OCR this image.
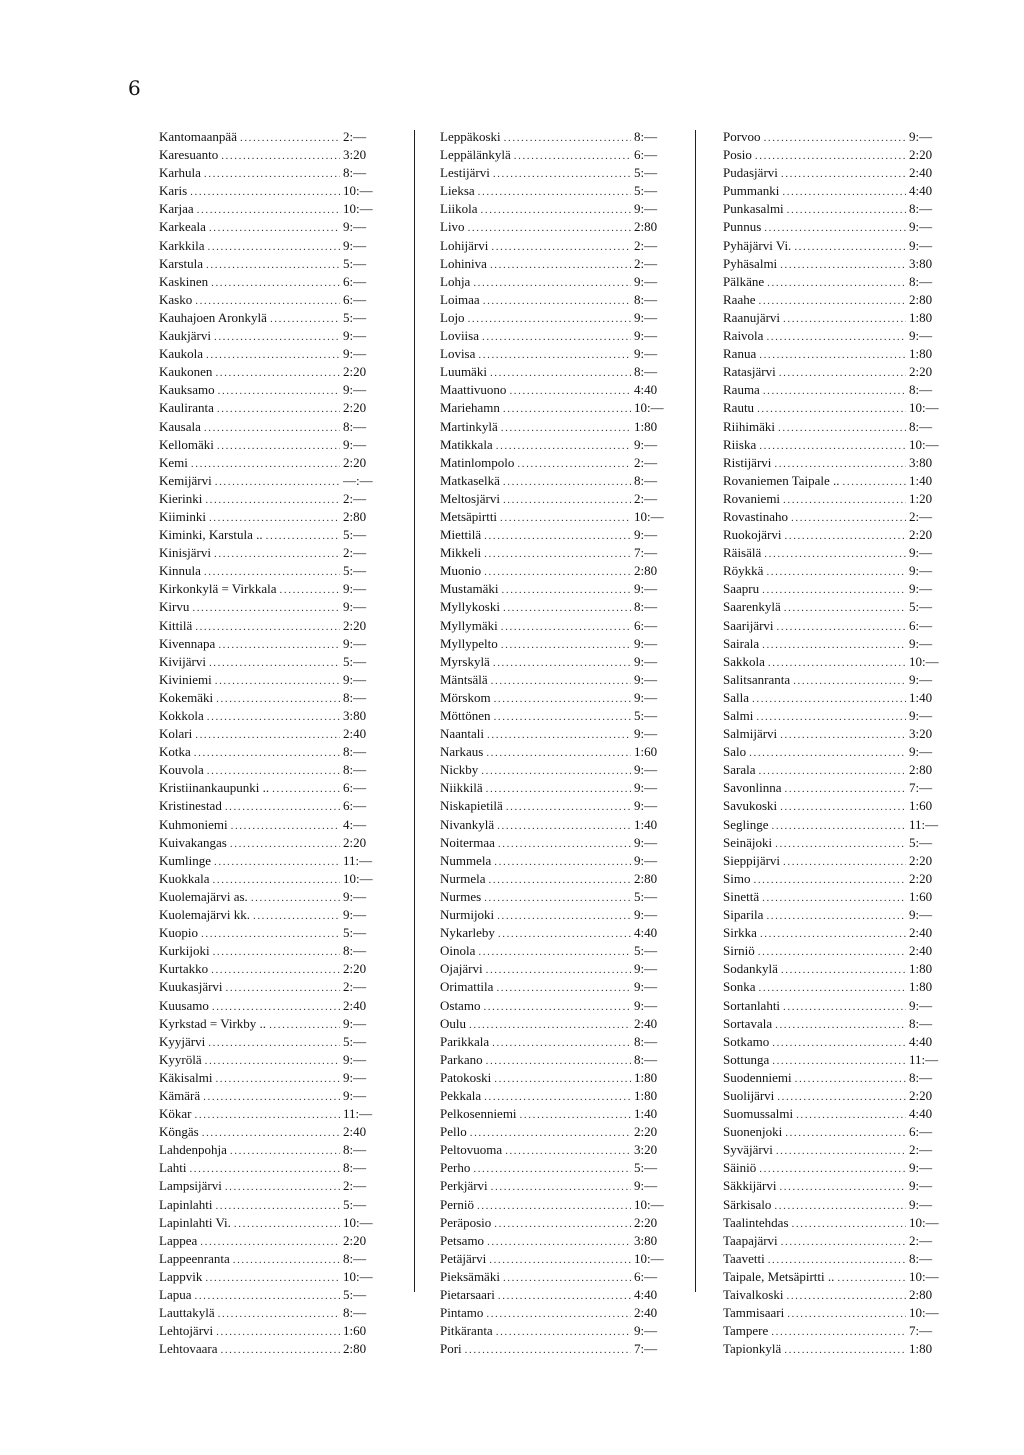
6
Kantomaanpää .....	2:—
Karesuanto .....	3:20
Karhula .....	8:—
Karis .....	10:—
Karjaa .....	10:—
Karkeala .....	9:—
Karkkila .....	9:—
Karstula .....	5:—
Kaskinen .....	6:—
Kasko .....	6:—
Kauhajoen Aronkylä .....	5:—
Kaukjärvi .....	9:—
Kaukola .....	9:—
Kaukonen .....	2:20
Kauksamo .....	9:—
Kauliranta .....	2:20
Kausala .....	8:—
Kellomäki .....	9:—
Kemi .....	2:20
Kemijärvi .....	—:—
Kierinki .....	2:—
Kiiminki .....	2:80
Kiminki, Karstula .. .....	5:—
Kinisjärvi .....	2:—
Kinnula .....	5:—
Kirkonkylä = Virkkala .....	9:—
Kirvu .....	9:—
Kittilä .....	2:20
Kivennapa .....	9:—
Kivijärvi .....	5:—
Kiviniemi .....	9:—
Kokemäki .....	8:—
Kokkola .....	3:80
Kolari .....	2:40
Kotka .....	8:—
Kouvola .....	8:—
Kristiinankaupunki .. .....	6:—
Kristinestad .....	6:—
Kuhmoniemi .....	4:—
Kuivakangas .....	2:20
Kumlinge .....	11:—
Kuokkala .....	10:—
Kuolemajärvi as. .....	9:—
Kuolemajärvi kk. .....	9:—
Kuopio .....	5:—
Kurkijoki .....	8:—
Kurtakko .....	2:20
Kuukasjärvi .....	2:—
Kuusamo .....	2:40
Kyrkstad = Virkby .. .....	9:—
Kyyjärvi .....	5:—
Kyyrölä .....	9:—
Käkisalmi .....	9:—
Kämärä .....	9:—
Kökar .....	11:—
Köngäs .....	2:40
Lahdenpohja .....	8:—
Lahti .....	8:—
Lampsijärvi .....	2:—
Lapinlahti .....	5:—
Lapinlahti Vi. .....	10:—
Lappea .....	2:20
Lappeenranta .....	8:—
Lappvik .....	10:—
Lapua .....	5:—
Lauttakylä .....	8:—
Lehtojärvi .....	1:60
Lehtovaara .....	2:80
Leppäkoski .....	8:—
Leppälänkylä .....	6:—
Lestijärvi .....	5:—
Lieksa .....	5:—
Liikola .....	9:—
Livo .....	2:80
Lohijärvi .....	2:—
Lohiniva .....	2:—
Lohja .....	9:—
Loimaa .....	8:—
Lojo .....	9:—
Loviisa .....	9:—
Lovisa .....	9:—
Luumäki .....	8:—
Maattivuono .....	4:40
Mariehamn .....	10:—
Martinkylä .....	1:80
Matikkala .....	9:—
Matinlompolo .....	2:—
Matkaselkä .....	8:—
Meltosjärvi .....	2:—
Metsäpirtti .....	10:—
Miettilä .....	9:—
Mikkeli .....	7:—
Muonio .....	2:80
Mustamäki .....	9:—
Myllykoski .....	8:—
Myllymäki .....	6:—
Myllypelto .....	9:—
Myrskylä .....	9:—
Mäntsälä .....	9:—
Mörskom .....	9:—
Möttönen .....	5:—
Naantali .....	9:—
Narkaus .....	1:60
Nickby .....	9:—
Niikkilä .....	9:—
Niskapietilä .....	9:—
Nivankylä .....	1:40
Noitermaa .....	9:—
Nummela .....	9:—
Nurmela .....	2:80
Nurmes .....	5:—
Nurmijoki .....	9:—
Nykarleby .....	4:40
Oinola .....	5:—
Ojajärvi .....	9:—
Orimattila .....	9:—
Ostamo .....	9:—
Oulu .....	2:40
Parikkala .....	8:—
Parkano .....	8:—
Patokoski .....	1:80
Pekkala .....	1:80
Pelkosenniemi .....	1:40
Pello .....	2:20
Peltovuoma .....	3:20
Perho .....	5:—
Perkjärvi .....	9:—
Perniö .....	10:—
Peräposio .....	2:20
Petsamo .....	3:80
Petäjärvi .....	10:—
Pieksämäki .....	6:—
Pietarsaari .....	4:40
Pintamo .....	2:40
Pitkäranta .....	9:—
Pori .....	7:—
Porvoo .....	9:—
Posio .....	2:20
Pudasjärvi .....	2:40
Pummanki .....	4:40
Punkasalmi .....	8:—
Punnus .....	9:—
Pyhäjärvi Vi. .....	9:—
Pyhäsalmi .....	3:80
Pälkäne .....	8:—
Raahe .....	2:80
Raanujärvi .....	1:80
Raivola .....	9:—
Ranua .....	1:80
Ratasjärvi .....	2:20
Rauma .....	8:—
Rautu .....	10:—
Riihimäki .....	8:—
Riiska .....	10:—
Ristijärvi .....	3:80
Rovaniemen Taipale .. .....	1:40
Rovaniemi .....	1:20
Rovastinaho .....	2:—
Ruokojärvi .....	2:20
Räisälä .....	9:—
Röykkä .....	9:—
Saapru .....	9:—
Saarenkylä .....	5:—
Saarijärvi .....	6:—
Sairala .....	9:—
Sakkola .....	10:—
Salitsanranta .....	9:—
Salla .....	1:40
Salmi .....	9:—
Salmijärvi .....	3:20
Salo .....	9:—
Sarala .....	2:80
Savonlinna .....	7:—
Savukoski .....	1:60
Seglinge .....	11:—
Seinäjoki .....	5:—
Sieppijärvi .....	2:20
Simo .....	2:20
Sinettä .....	1:60
Siparila .....	9:—
Sirkka .....	2:40
Sirniö .....	2:40
Sodankylä .....	1:80
Sonka .....	1:80
Sortanlahti .....	9:—
Sortavala .....	8:—
Sotkamo .....	4:40
Sottunga .....	11:—
Suodenniemi .....	8:—
Suolijärvi .....	2:20
Suomussalmi .....	4:40
Suonenjoki .....	6:—
Syväjärvi .....	2:—
Säiniö .....	9:—
Säkkijärvi .....	9:—
Särkisalo .....	9:—
Taalintehdas .....	10:—
Taapajärvi .....	2:—
Taavetti .....	8:—
Taipale, Metsäpirtti .. .....	10:—
Taivalkoski .....	2:80
Tammisaari .....	10:—
Tampere .....	7:—
Tapionkylä .....	1:80
